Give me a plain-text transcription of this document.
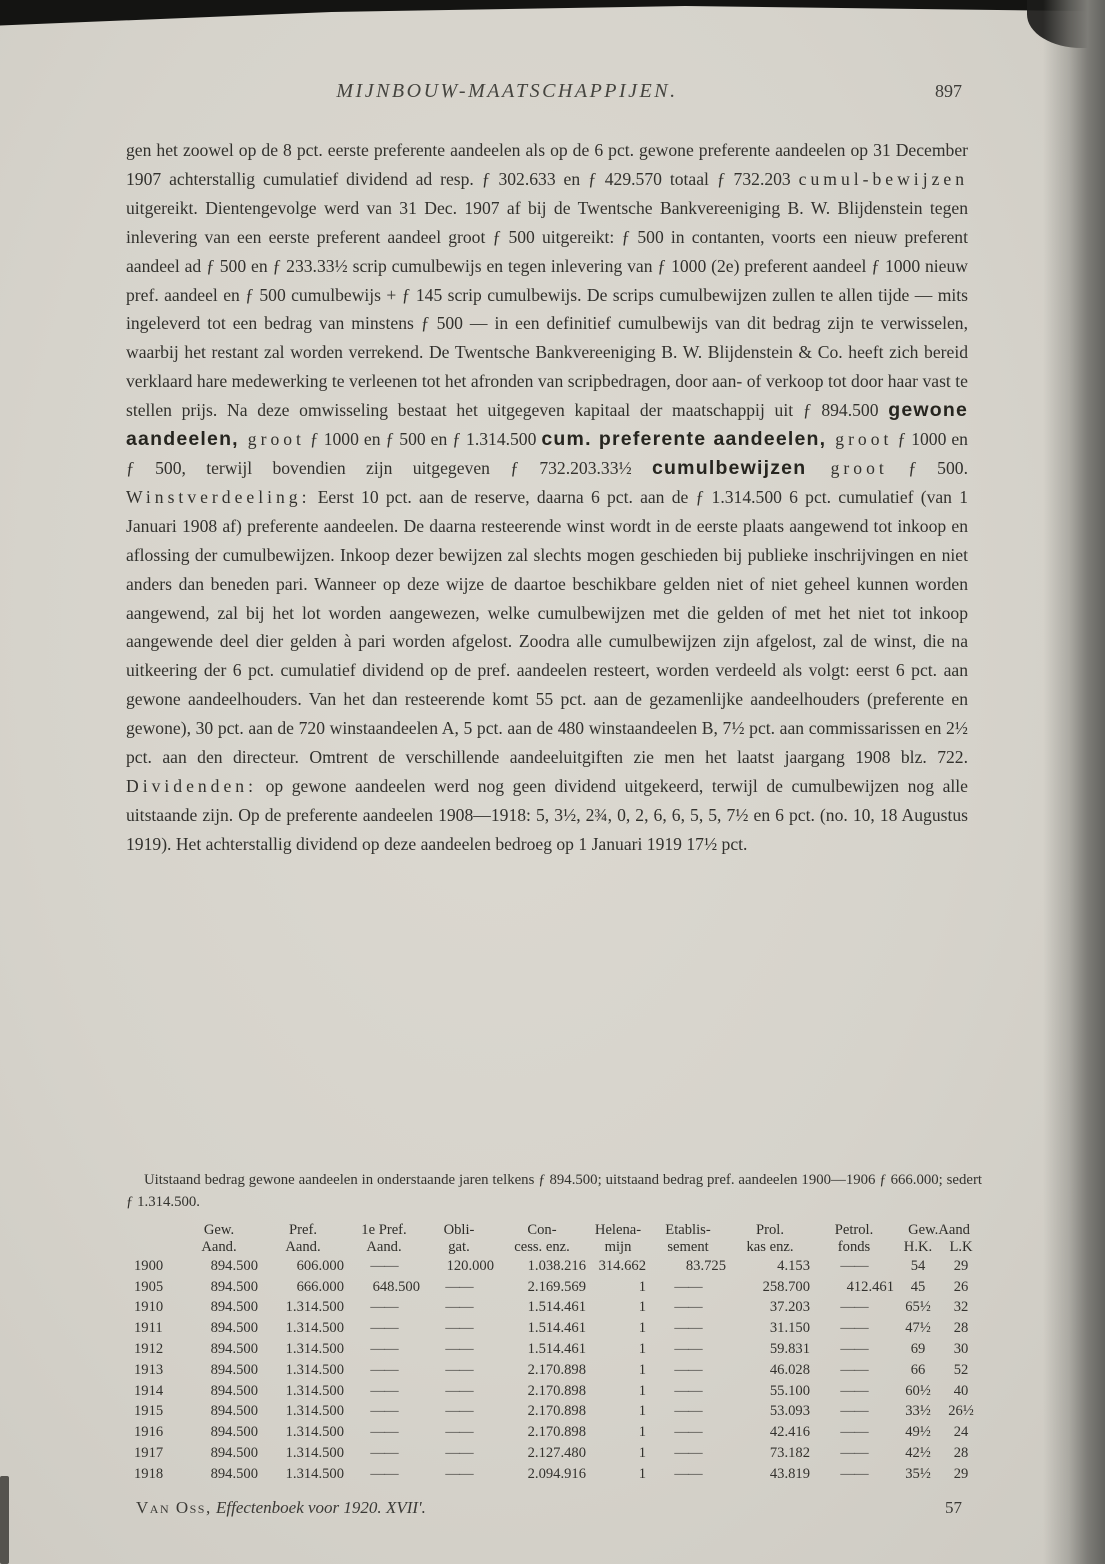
MIJNBOUW-MAATSCHAPPIJEN.	897
gen het zoowel op de 8 pct. eerste preferente aandeelen als op de 6 pct. gewone preferente aandeelen op 31 December 1907 achterstallig cumulatief dividend ad resp. ƒ 302.633 en ƒ 429.570 totaal ƒ 732.203 cumul-bewijzen uitgereikt. Dientengevolge werd van 31 Dec. 1907 af bij de Twentsche Bankvereeniging B. W. Blijdenstein tegen inlevering van een eerste preferent aandeel groot ƒ 500 uitgereikt: ƒ 500 in contanten, voorts een nieuw preferent aandeel ad ƒ 500 en ƒ 233.33½ scrip cumulbewijs en tegen inlevering van ƒ 1000 (2e) preferent aandeel ƒ 1000 nieuw pref. aandeel en ƒ 500 cumulbewijs + ƒ 145 scrip cumulbewijs. De scrips cumulbewijzen zullen te allen tijde — mits ingeleverd tot een bedrag van minstens ƒ 500 — in een definitief cumulbewijs van dit bedrag zijn te verwisselen, waarbij het restant zal worden verrekend. De Twentsche Bankvereeniging B. W. Blijdenstein & Co. heeft zich bereid verklaard hare medewerking te verleenen tot het afronden van scripbedragen, door aan- of verkoop tot door haar vast te stellen prijs. Na deze omwisseling bestaat het uitgegeven kapitaal der maatschappij uit ƒ 894.500 gewone aandeelen, groot ƒ 1000 en ƒ 500 en ƒ 1.314.500 cum. preferente aandeelen, groot ƒ 1000 en ƒ 500, terwijl bovendien zijn uitgegeven ƒ 732.203.33½ cumulbewijzen groot ƒ 500. Winstverdeeling: Eerst 10 pct. aan de reserve, daarna 6 pct. aan de ƒ 1.314.500 6 pct. cumulatief (van 1 Januari 1908 af) preferente aandeelen. De daarna resteerende winst wordt in de eerste plaats aangewend tot inkoop en aflossing der cumulbewijzen. Inkoop dezer bewijzen zal slechts mogen geschieden bij publieke inschrijvingen en niet anders dan beneden pari. Wanneer op deze wijze de daartoe beschikbare gelden niet of niet geheel kunnen worden aangewend, zal bij het lot worden aangewezen, welke cumulbewijzen met die gelden of met het niet tot inkoop aangewende deel dier gelden à pari worden afgelost. Zoodra alle cumulbewijzen zijn afgelost, zal de winst, die na uitkeering der 6 pct. cumulatief dividend op de pref. aandeelen resteert, worden verdeeld als volgt: eerst 6 pct. aan gewone aandeelhouders. Van het dan resteerende komt 55 pct. aan de gezamenlijke aandeelhouders (preferente en gewone), 30 pct. aan de 720 winstaandeelen A, 5 pct. aan de 480 winstaandeelen B, 7½ pct. aan commissarissen en 2½ pct. aan den directeur. Omtrent de verschillende aandeeluitgiften zie men het laatst jaargang 1908 blz. 722. Dividenden: op gewone aandeelen werd nog geen dividend uitgekeerd, terwijl de cumulbewijzen nog alle uitstaande zijn. Op de preferente aandeelen 1908—1918: 5, 3½, 2¾, 0, 2, 6, 6, 5, 5, 7½ en 6 pct. (no. 10, 18 Augustus 1919). Het achterstallig dividend op deze aandeelen bedroeg op 1 Januari 1919 17½ pct.
Uitstaand bedrag gewone aandeelen in onderstaande jaren telkens ƒ 894.500; uitstaand bedrag pref. aandeelen 1900—1906 ƒ 666.000; sedert ƒ 1.314.500.
	Gew.	Pref.	1e Pref.	Obli-	Con-	Helena-	Etablis-	Prol.	Petrol.	Gew.Aand	
	Aand.	Aand.	Aand.	gat.	cess. enz.	mijn	sement	kas enz.	fonds	H.K.	L.K
1900	894.500	606.000	——	120.000	1.038.216	314.662	83.725	4.153	——	54	29
1905	894.500	666.000	648.500	——	2.169.569	1	——	258.700	412.461	45	26
1910	894.500	1.314.500	——	——	1.514.461	1	——	37.203	——	65½	32
1911	894.500	1.314.500	——	——	1.514.461	1	——	31.150	——	47½	28
1912	894.500	1.314.500	——	——	1.514.461	1	——	59.831	——	69	30
1913	894.500	1.314.500	——	——	2.170.898	1	——	46.028	——	66	52
1914	894.500	1.314.500	——	——	2.170.898	1	——	55.100	——	60½	40
1915	894.500	1.314.500	——	——	2.170.898	1	——	53.093	——	33½	26½
1916	894.500	1.314.500	——	——	2.170.898	1	——	42.416	——	49½	24
1917	894.500	1.314.500	——	——	2.127.480	1	——	73.182	——	42½	28
1918	894.500	1.314.500	——	——	2.094.916	1	——	43.819	——	35½	29
Van Oss, Effectenboek voor 1920. XVII'.	57
